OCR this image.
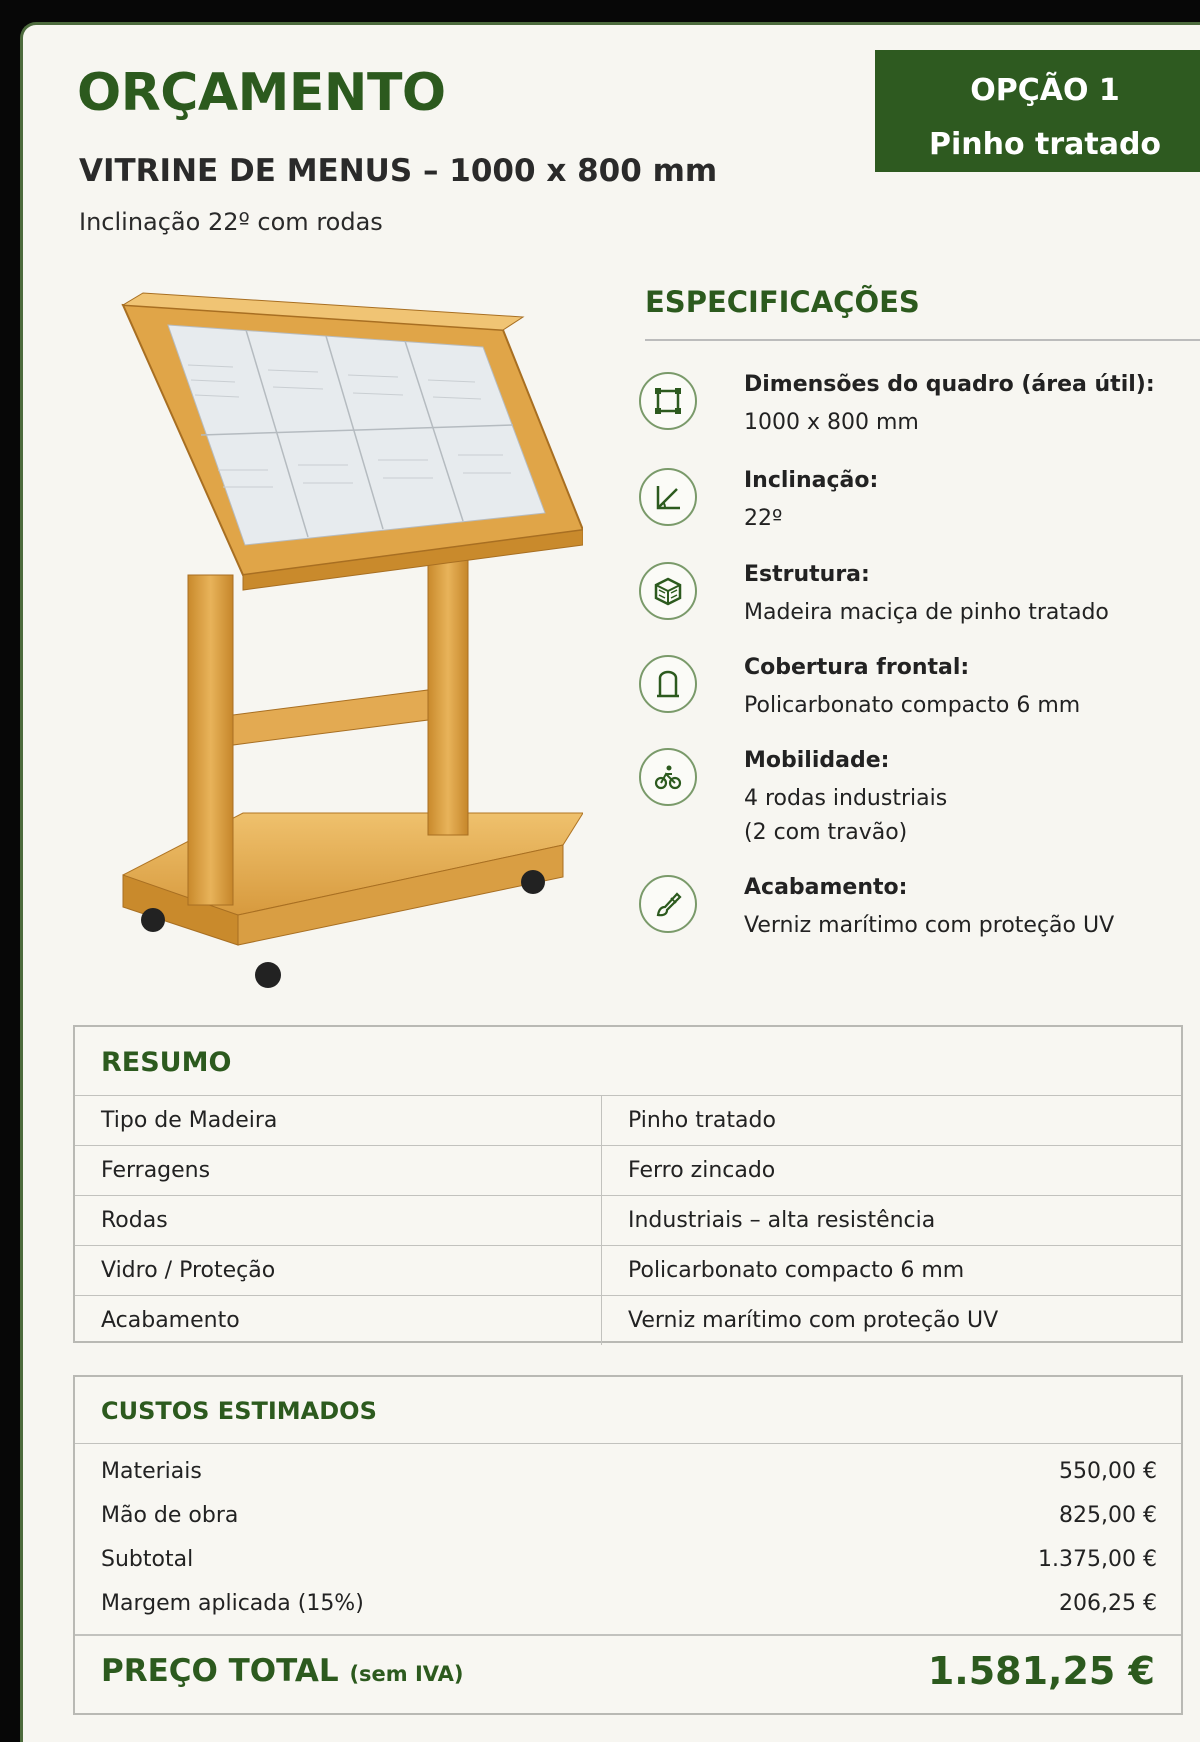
ORÇAMENTO
VITRINE DE MENUS – 1000 x 800 mm
Inclinação 22º com rodas
OPÇÃO 1
Pinho tratado
ESPECIFICAÇÕES
Dimensões do quadro (área útil):
1000 x 800 mm
Inclinação:
22º
Estrutura:
Madeira maciça de pinho tratado
Cobertura frontal:
Policarbonato compacto 6 mm
Mobilidade:
4 rodas industriais
(2 com travão)
Acabamento:
Verniz marítimo com proteção UV
RESUMO
Tipo de Madeira	Pinho tratado
Ferragens	Ferro zincado
Rodas	Industriais – alta resistência
Vidro / Proteção	Policarbonato compacto 6 mm
Acabamento	Verniz marítimo com proteção UV
CUSTOS ESTIMADOS
Materiais	550,00 €
Mão de obra	825,00 €
Subtotal	1.375,00 €
Margem aplicada (15%)	206,25 €
PREÇO TOTAL (sem IVA)	1.581,25 €
